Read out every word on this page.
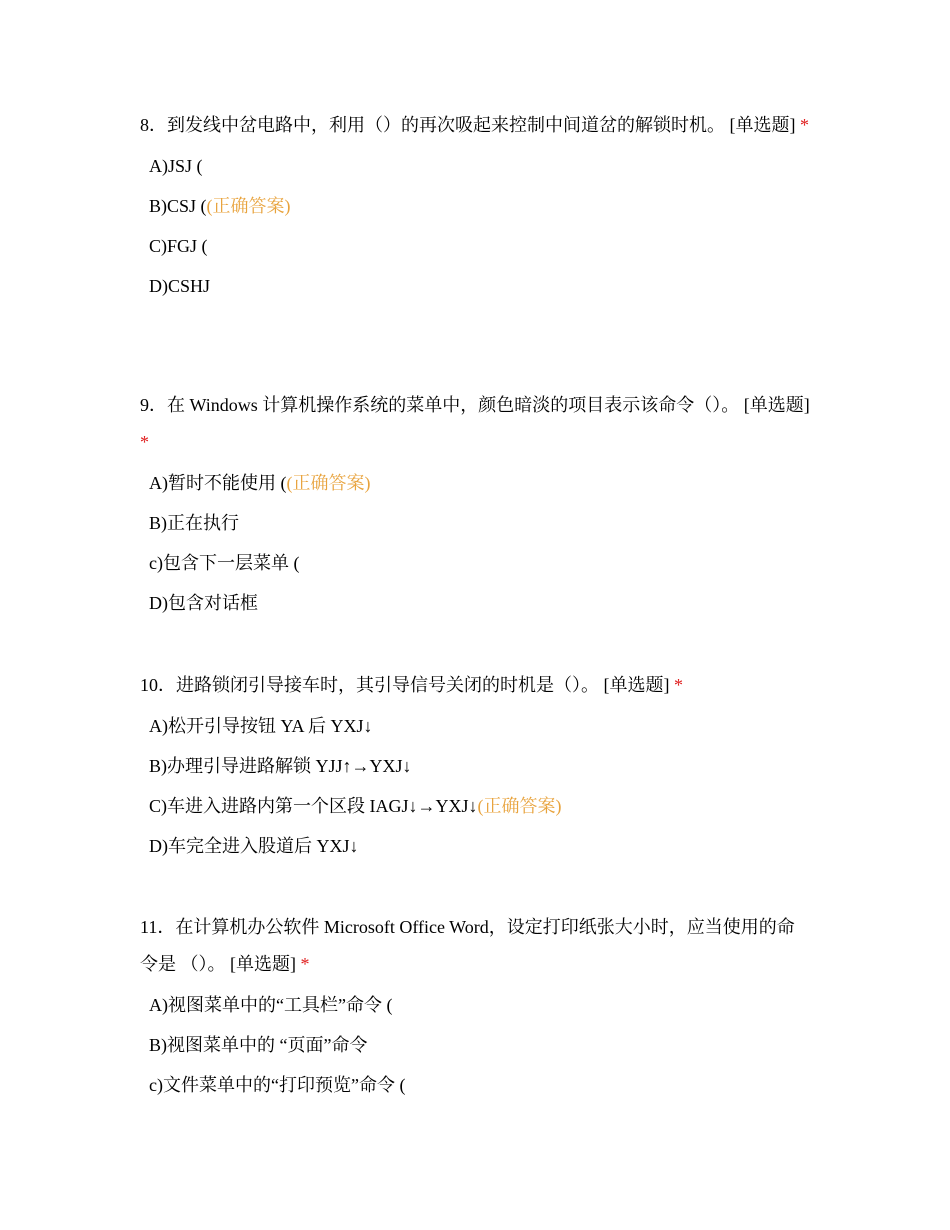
8．到发线中岔电路中，利用（）的再次吸起来控制中间道岔的解锁时机。 [单选题] *

A)JSJ (
B)CSJ ((正确答案)
C)FGJ (
D)CSHJ

9．在 Windows 计算机操作系统的菜单中，颜色暗淡的项目表示该命令（）。 [单选题] *

A)暂时不能使用 ((正确答案)
B)正在执行
c)包含下一层菜单 (
D)包含对话框

10．进路锁闭引导接车时，其引导信号关闭的时机是（）。 [单选题] *

A)松开引导按钮 YA 后 YXJ↓
B)办理引导进路解锁 YJJ↑→YXJ↓
C)车进入进路内第一个区段 IAGJ↓→YXJ↓(正确答案)
D)车完全进入股道后 YXJ↓

11．在计算机办公软件 Microsoft Office Word，设定打印纸张大小时，应当使用的命令是 （）。 [单选题] *

A)视图菜单中的“工具栏”命令 (
B)视图菜单中的 “页面”命令
c)文件菜单中的“打印预览”命令 (
